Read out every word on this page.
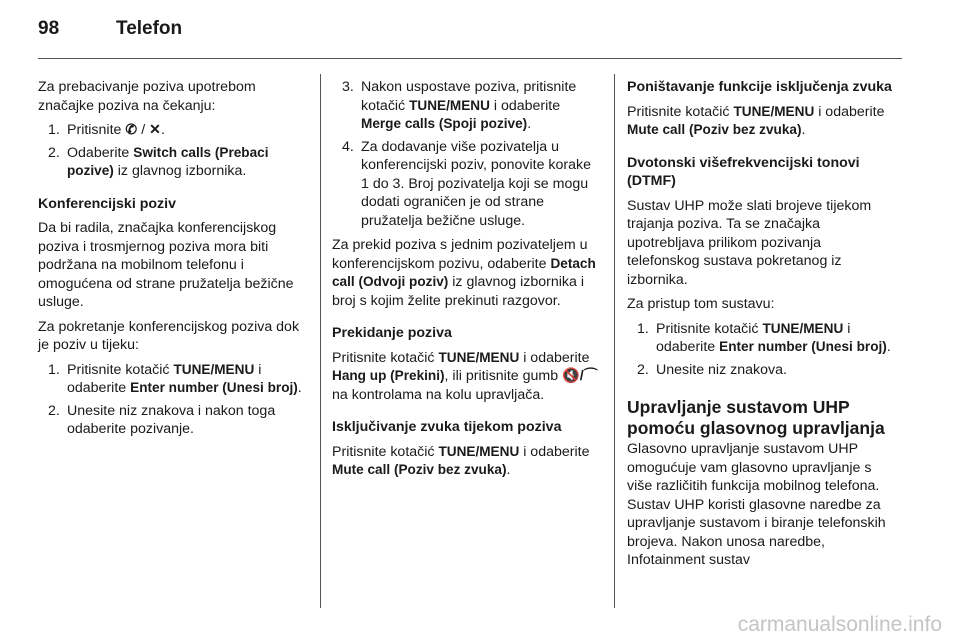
98	Telefon

Za prebacivanje poziva upotrebom značajke poziva na čekanju:

1. Pritisnite ✆ / ✕.
2. Odaberite Switch calls (Prebaci pozive) iz glavnog izbornika.

Konferencijski poziv

Da bi radila, značajka konferencijskog poziva i trosmjernog poziva mora biti podržana na mobilnom telefonu i omogućena od strane pružatelja bežične usluge.

Za pokretanje konferencijskog poziva dok je poziv u tijeku:

1. Pritisnite kotačić TUNE/MENU i odaberite Enter number (Unesi broj).
2. Unesite niz znakova i nakon toga odaberite pozivanje.
3. Nakon uspostave poziva, pritisnite kotačić TUNE/MENU i odaberite Merge calls (Spoji pozive).
4. Za dodavanje više pozivatelja u konferencijski poziv, ponovite korake 1 do 3. Broj pozivatelja koji se mogu dodati ograničen je od strane pružatelja bežične usluge.

Za prekid poziva s jednim pozivateljem u konferencijskom pozivu, odaberite Detach call (Odvoji poziv) iz glavnog izbornika i broj s kojim želite prekinuti razgovor.

Prekidanje poziva

Pritisnite kotačić TUNE/MENU i odaberite Hang up (Prekini), ili pritisnite gumb 🔇/⌒ na kontrolama na kolu upravljača.

Isključivanje zvuka tijekom poziva

Pritisnite kotačić TUNE/MENU i odaberite Mute call (Poziv bez zvuka).

Poništavanje funkcije isključenja zvuka

Pritisnite kotačić TUNE/MENU i odaberite Mute call (Poziv bez zvuka).

Dvotonski višefrekvencijski tonovi (DTMF)

Sustav UHP može slati brojeve tijekom trajanja poziva. Ta se značajka upotrebljava prilikom pozivanja telefonskog sustava pokretanog iz izbornika.

Za pristup tom sustavu:

1. Pritisnite kotačić TUNE/MENU i odaberite Enter number (Unesi broj).
2. Unesite niz znakova.

Upravljanje sustavom UHP pomoću glasovnog upravljanja

Glasovno upravljanje sustavom UHP omogućuje vam glasovno upravljanje s više različitih funkcija mobilnog telefona. Sustav UHP koristi glasovne naredbe za upravljanje sustavom i biranje telefonskih brojeva. Nakon unosa naredbe, Infotainment sustav

carmanualsonline.info
